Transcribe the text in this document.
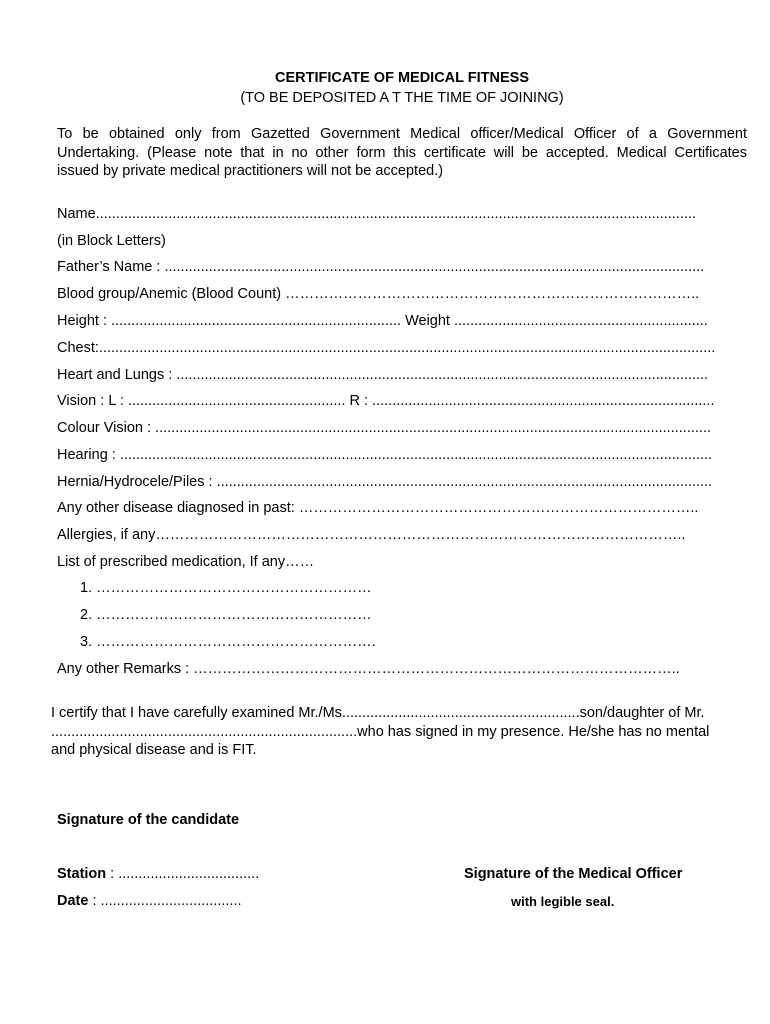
CERTIFICATE OF MEDICAL FITNESS
(TO BE DEPOSITED A T THE TIME OF JOINING)
To be obtained only from Gazetted Government Medical officer/Medical Officer of a Government
Undertaking. (Please note that in no other form this certificate will be accepted. Medical Certificates
issued by private medical practitioners will not be accepted.)
Name.....................................................................................................................................................
(in Block Letters)
Father’s Name : ......................................................................................................................................
Blood group/Anemic (Blood Count) …………………………………………………………………………..
Height : ........................................................................ Weight ...............................................................
Chest:.........................................................................................................................................................
Heart and Lungs : ....................................................................................................................................
Vision : L : ...................................................... R : .....................................................................................
Colour Vision : ..........................................................................................................................................
Hearing : ...................................................................................................................................................
Hernia/Hydrocele/Piles : ...........................................................................................................................
Any other disease diagnosed in past: ………………………………………………………………………..
Allergies, if any………………………………………………………………………………………………..
List of prescribed medication, If any……
1. …………………………………………………
2. …………………………………………………
3. ………………………………………………….
Any other Remarks : ………………………………………………………………………………………..
I certify that I have carefully examined Mr./Ms...........................................................son/daughter of Mr.
............................................................................who has signed in my presence. He/she has no mental
and physical disease and is FIT.
Signature of the candidate
Station : ...................................
Date : ...................................
Signature of the Medical Officer
with legible seal.
